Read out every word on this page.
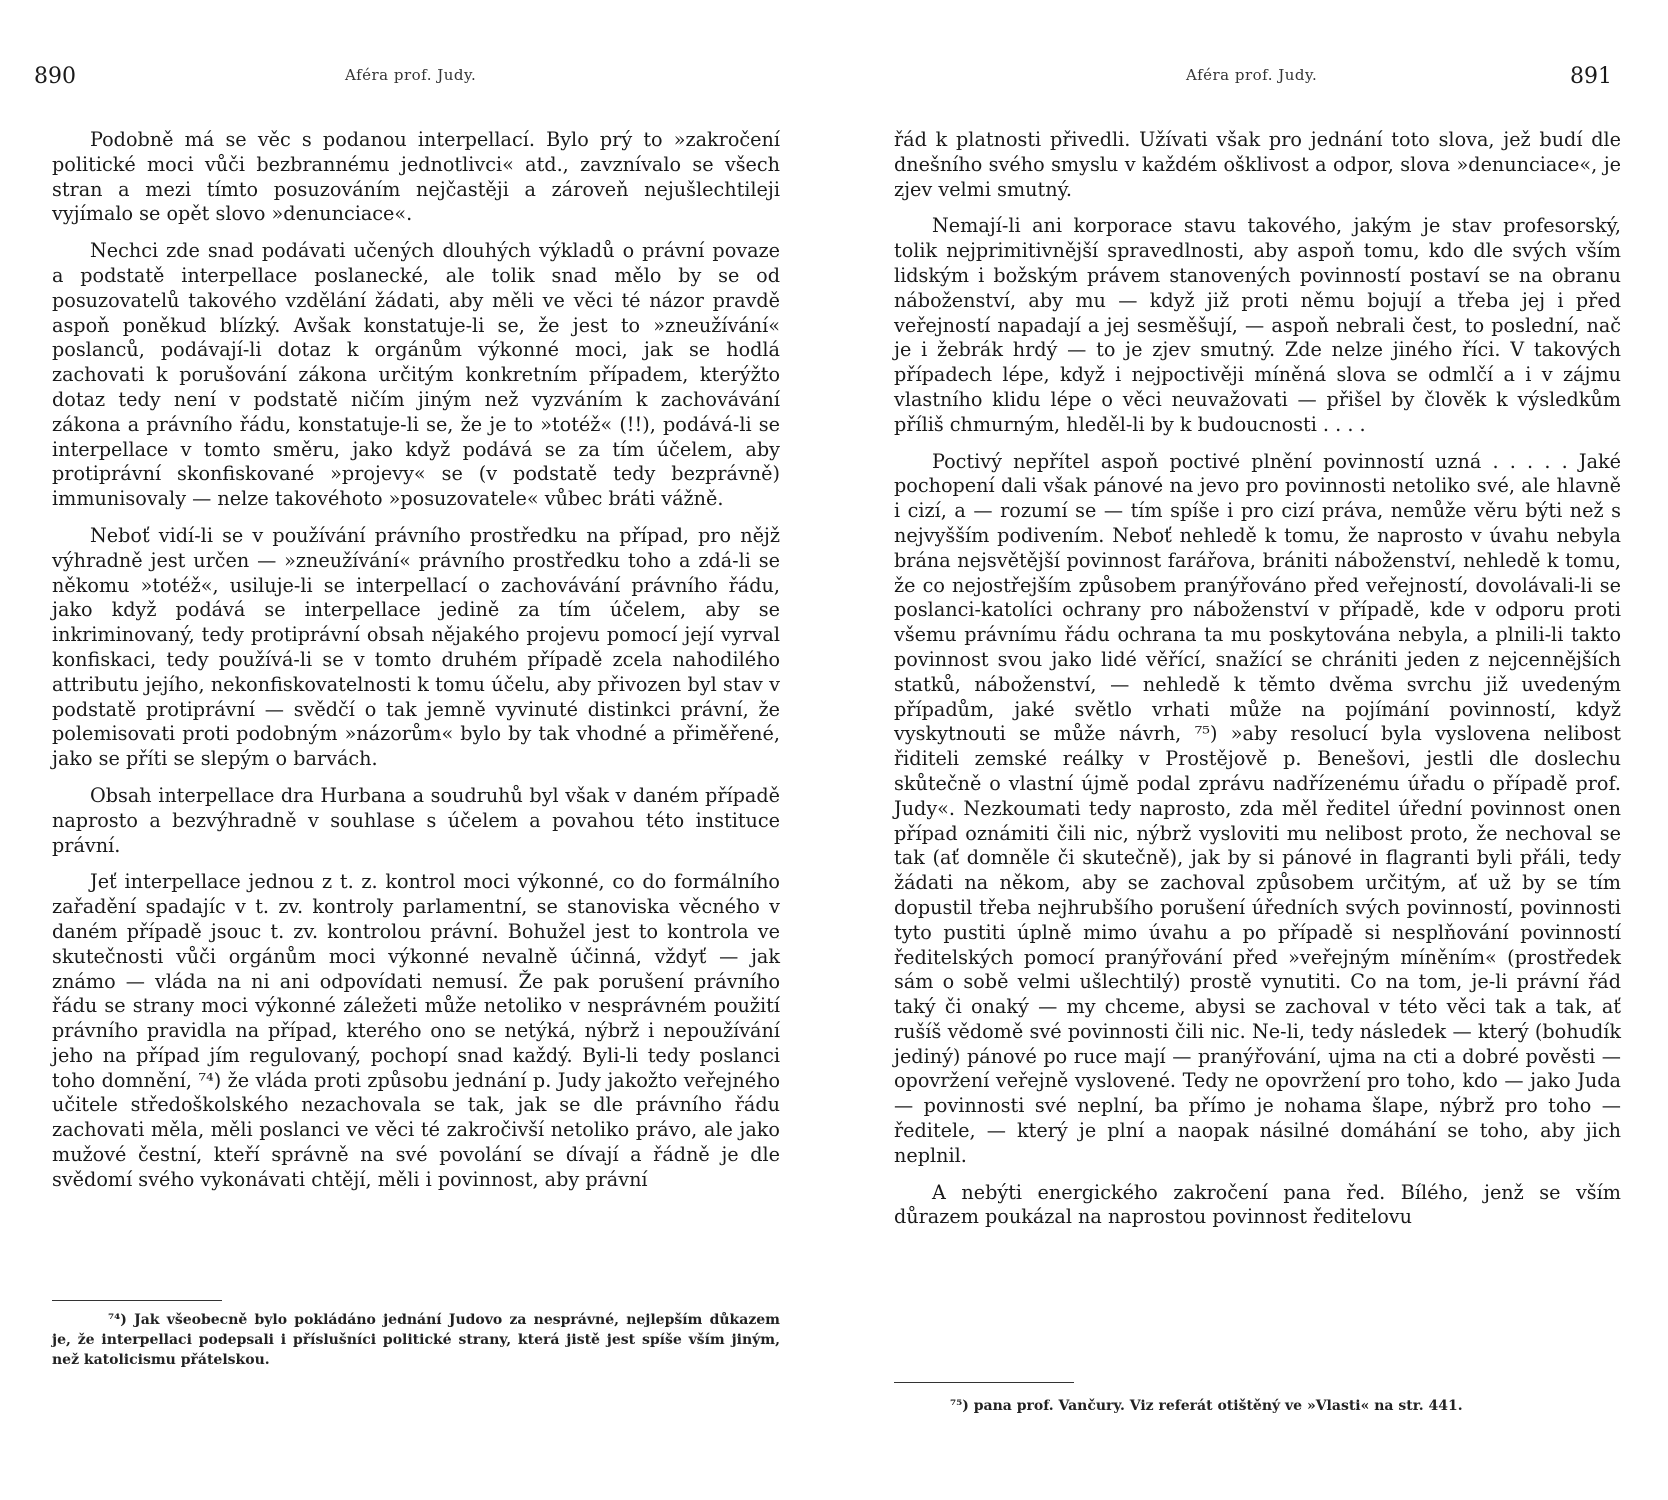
890	Aféra prof. Judy.

Podobně má se věc s podanou interpellací. Bylo prý to »zakročení politické moci vůči bezbrannému jednotlivci« atd., zavznívalo se všech stran a mezi tímto posuzováním nejčastěji a zároveň nejušlechtileji vyjímalo se opět slovo »denunciace«.

Nechci zde snad podávati učených dlouhých výkladů o právní povaze a podstatě interpellace poslanecké, ale tolik snad mělo by se od posuzovatelů takového vzdělání žádati, aby měli ve věci té názor pravdě aspoň poněkud blízký. Avšak konstatuje-li se, že jest to »zneužívání« poslanců, podávají-li dotaz k orgánům výkonné moci, jak se hodlá zachovati k porušování zákona určitým konkretním případem, kterýžto dotaz tedy není v podstatě ničím jiným než vyzváním k zachovávání zákona a právního řádu, konstatuje-li se, že je to »totéž« (!!), podává-li se interpellace v tomto směru, jako když podává se za tím účelem, aby protiprávní skonfiskované »projevy« se (v podstatě tedy bezprávně) immunisovaly — nelze takovéhoto »posuzovatele« vůbec bráti vážně.

Neboť vidí-li se v používání právního prostředku na případ, pro nějž výhradně jest určen — »zneužívání« právního prostředku toho a zdá-li se někomu »totéž«, usiluje-li se interpellací o zachovávání právního řádu, jako když podává se interpellace jedině za tím účelem, aby se inkriminovaný, tedy protiprávní obsah nějakého projevu pomocí její vyrval konfiskaci, tedy používá-li se v tomto druhém případě zcela nahodilého attributu jejího, nekonfiskovatelnosti k tomu účelu, aby přivozen byl stav v podstatě protiprávní — svědčí o tak jemně vyvinuté distinkci právní, že polemisovati proti podobným »názorům« bylo by tak vhodné a přiměřené, jako se příti se slepým o barvách.

Obsah interpellace dra Hurbana a soudruhů byl však v daném případě naprosto a bezvýhradně v souhlase s účelem a povahou této instituce právní.

Jeť interpellace jednou z t. z. kontrol moci výkonné, co do formálního zařadění spadajíc v t. zv. kontroly parlamentní, se stanoviska věcného v daném případě jsouc t. zv. kontrolou právní. Bohužel jest to kontrola ve skutečnosti vůči orgánům moci výkonné nevalně účinná, vždyť — jak známo — vláda na ni ani odpovídati nemusí. Že pak porušení právního řádu se strany moci výkonné záležeti může netoliko v nesprávném použití právního pravidla na případ, kterého ono se netýká, nýbrž i nepoužívání jeho na případ jím regulovaný, pochopí snad každý. Byli-li tedy poslanci toho domnění, ⁷⁴) že vláda proti způsobu jednání p. Judy jakožto veřejného učitele středoškolského nezachovala se tak, jak se dle právního řádu zachovati měla, měli poslanci ve věci té zakročivší netoliko právo, ale jako mužové čestní, kteří správně na své povolání se dívají a řádně je dle svědomí svého vykonávati chtějí, měli i povinnost, aby právní

⁷⁴) Jak všeobecně bylo pokládáno jednání Judovo za nesprávné, nejlepším důkazem je, že interpellaci podepsali i příslušníci politické strany, která jistě jest spíše vším jiným, než katolicismu přátelskou.
Aféra prof. Judy.	891

řád k platnosti přivedli. Užívati však pro jednání toto slova, jež budí dle dnešního svého smyslu v každém ošklivost a odpor, slova »denunciace«, je zjev velmi smutný.

Nemají-li ani korporace stavu takového, jakým je stav profesorský, tolik nejprimitivnější spravedlnosti, aby aspoň tomu, kdo dle svých vším lidským i božským právem stanovených povinností postaví se na obranu náboženství, aby mu — když již proti němu bojují a třeba jej i před veřejností napadají a jej sesměšují, — aspoň nebrali čest, to poslední, nač je i žebrák hrdý — to je zjev smutný. Zde nelze jiného říci. V takových případech lépe, když i nejpoctivěji míněná slova se odmlčí a i v zájmu vlastního klidu lépe o věci neuvažovati — přišel by člověk k výsledkům příliš chmurným, hleděl-li by k budoucnosti . . . .

Poctivý nepřítel aspoň poctivé plnění povinností uzná . . . . . Jaké pochopení dali však pánové na jevo pro povinnosti netoliko své, ale hlavně i cizí, a — rozumí se — tím spíše i pro cizí práva, nemůže věru býti než s nejvyšším podivením. Neboť nehledě k tomu, že naprosto v úvahu nebyla brána nejsvětější povinnost farářova, brániti náboženství, nehledě k tomu, že co nejostřejším způsobem pranýřováno před veřejností, dovolávali-li se poslanci-katolíci ochrany pro náboženství v případě, kde v odporu proti všemu právnímu řádu ochrana ta mu poskytována nebyla, a plnili-li takto povinnost svou jako lidé věřící, snažící se chrániti jeden z nejcennějších statků, náboženství, — nehledě k těmto dvěma svrchu již uvedeným případům, jaké světlo vrhati může na pojímání povinností, když vyskytnouti se může návrh, ⁷⁵) »aby resolucí byla vyslovena nelibost řiditeli zemské reálky v Prostějově p. Benešovi, jestli dle doslechu skůtečně o vlastní újmě podal zprávu nadřízenému úřadu o případě prof. Judy«. Nezkoumati tedy naprosto, zda měl ředitel úřední povinnost onen případ oznámiti čili nic, nýbrž vysloviti mu nelibost proto, že nechoval se tak (ať domněle či skutečně), jak by si pánové in flagranti byli přáli, tedy žádati na někom, aby se zachoval způsobem určitým, ať už by se tím dopustil třeba nejhrubšího porušení úředních svých povinností, povinnosti tyto pustiti úplně mimo úvahu a po případě si nesplňování povinností ředitelských pomocí pranýřování před »veřejným míněním« (prostředek sám o sobě velmi ušlechtilý) prostě vynutiti. Co na tom, je-li právní řád taký či onaký — my chceme, abysi se zachoval v této věci tak a tak, ať rušíš vědomě své povinnosti čili nic. Ne-li, tedy následek — který (bohudík jediný) pánové po ruce mají — pranýřování, ujma na cti a dobré pověsti — opovržení veřejně vyslovené. Tedy ne opovržení pro toho, kdo — jako Juda — povinnosti své neplní, ba přímo je nohama šlape, nýbrž pro toho — ředitele, — který je plní a naopak násilné domáhání se toho, aby jich neplnil.

A nebýti energického zakročení pana řed. Bílého, jenž se vším důrazem poukázal na naprostou povinnost ředitelovu

⁷⁵) pana prof. Vančury. Viz referát otištěný ve »Vlasti« na str. 441.
